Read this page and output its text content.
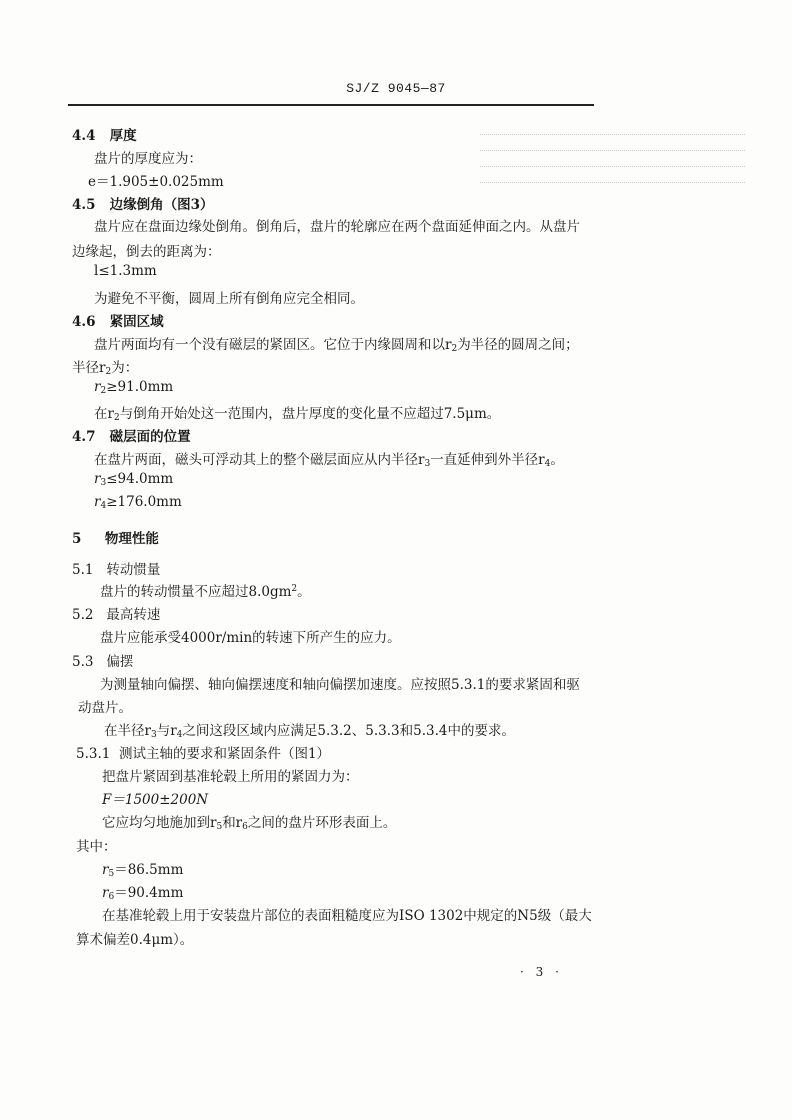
SJ/Z 9045—87
4.4 厚度
盘片的厚度应为：
e＝1.905±0.025mm
4.5 边缘倒角（图3）
盘片应在盘面边缘处倒角。倒角后，盘片的轮廓应在两个盘面延伸面之内。从盘片
边缘起，倒去的距离为：
l≤1.3mm
为避免不平衡，圆周上所有倒角应完全相同。
4.6 紧固区域
盘片两面均有一个没有磁层的紧固区。它位于内缘圆周和以$r_2$为半径的圆周之间；
半径$r_2$为：
$r_2\ge 91.0mm$
在$r_2$与倒角开始处这一范围内，盘片厚度的变化量不应超过7.5μm。
4.7 磁层面的位置
在盘片两面，磁头可浮动其上的整个磁层面应从内半径$r_3$一直延伸到外半径$r_4$。
$r_3\le 94.0mm$
$r_4\ge 176.0mm$
5 物理性能
5.1 转动惯量
盘片的转动惯量不应超过$8.0gm^2$。
5.2 最高转速
盘片应能承受4000r/min的转速下所产生的应力。
5.3 偏摆
为测量轴向偏摆、轴向偏摆速度和轴向偏摆加速度。应按照5.3.1的要求紧固和驱
动盘片。
在半径$r_3$与$r_4$之间这段区域内应满足5.3.2、5.3.3和5.3.4中的要求。
5.3.1 测试主轴的要求和紧固条件（图1）
把盘片紧固到基准轮毂上所用的紧固力为：
F＝1500±200N
它应均匀地施加到$r_5$和$r_6$之间的盘片环形表面上。
其中：
$r_5=86.5mm$
$r_6=90.4mm$
在基准轮毂上用于安装盘片部位的表面粗糙度应为ISO 1302中规定的N5级（最大
算术偏差0.4μm）。
· 3 ·
